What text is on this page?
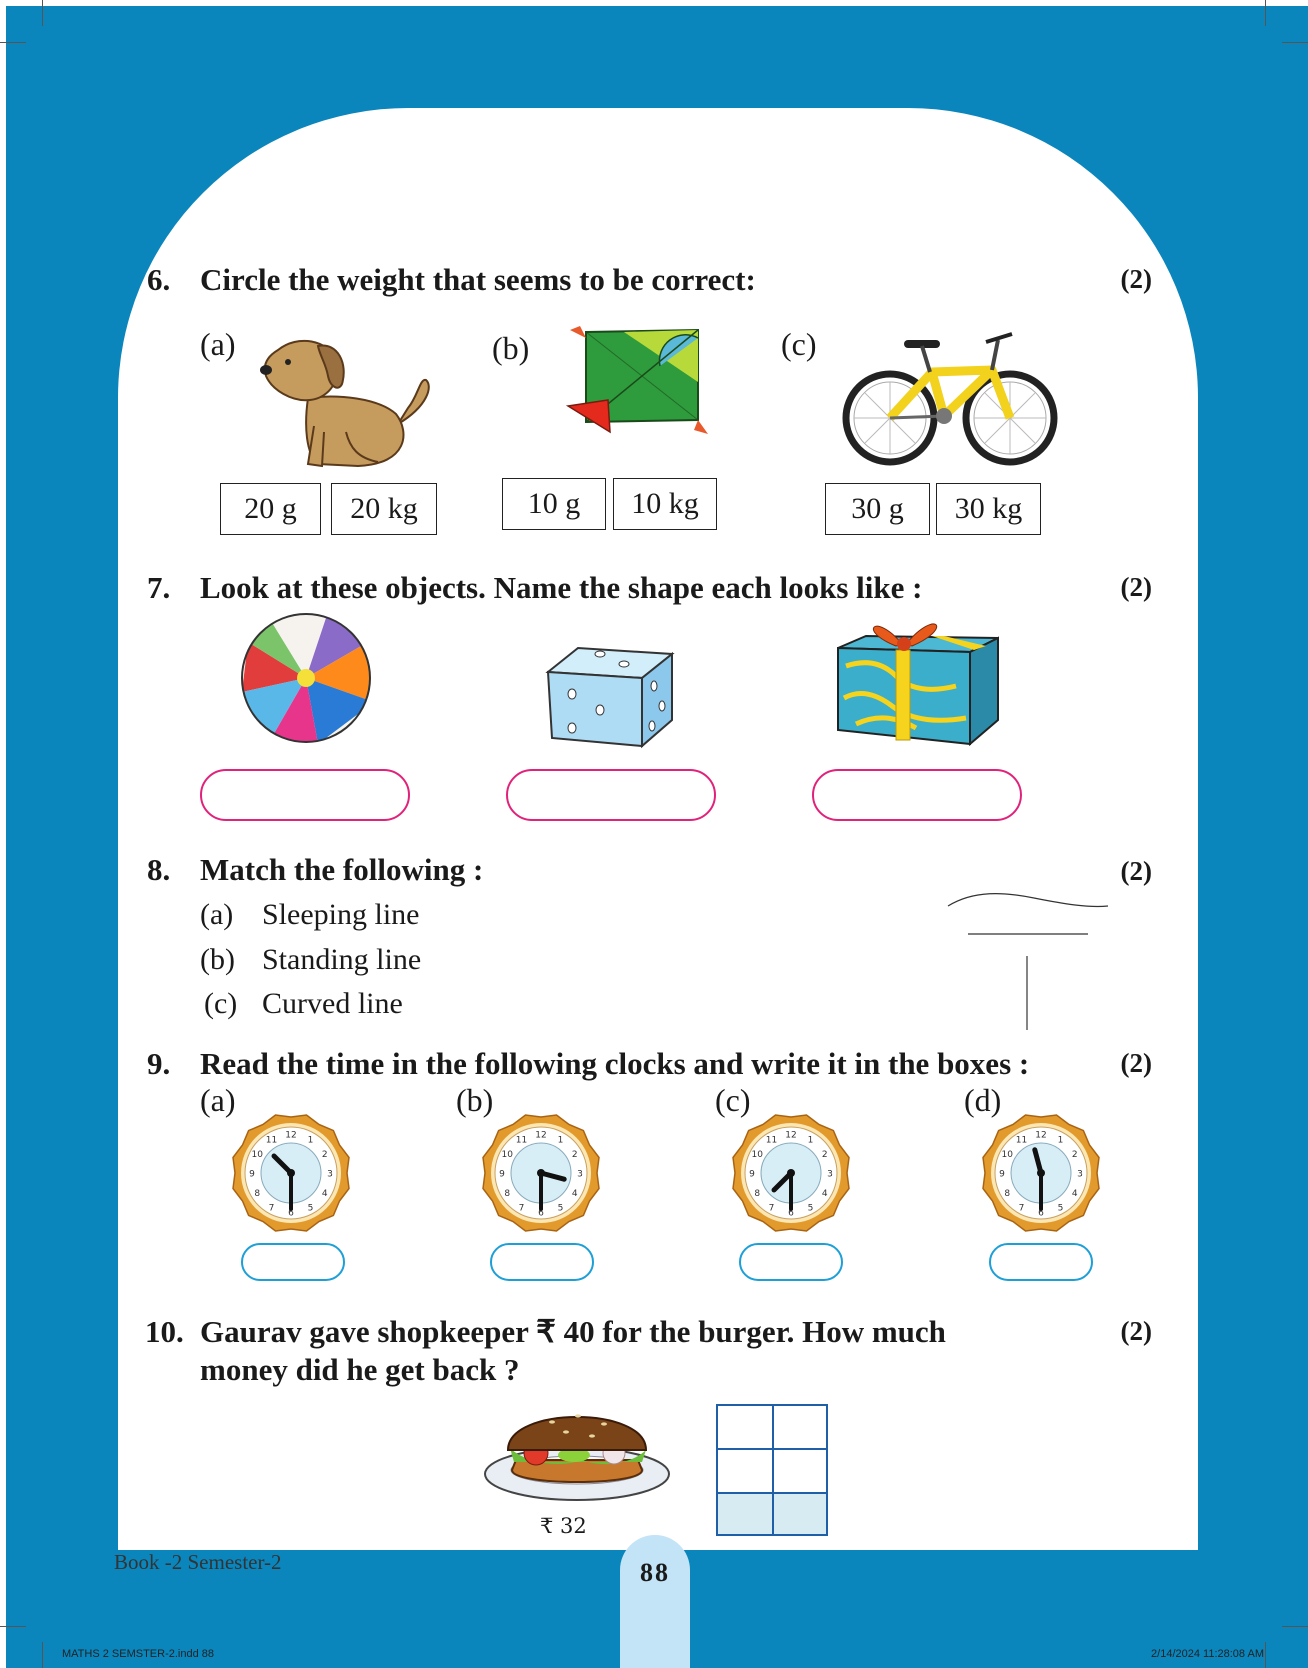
6. Circle the weight that seems to be correct:	(2)
(a)	(b)	(c)
20 g	20 kg	10 g	10 kg	30 g	30 kg
7. Look at these objects. Name the shape each looks like :	(2)
8. Match the following :	(2)
(a) Sleeping line
(b) Standing line
(c) Curved line
9. Read the time in the following clocks and write it in the boxes :	(2)
(a)	(b)	(c)	(d)
12
1
2
3
4
5
6
7
8
9
10
11
12
1
2
3
4
5
6
7
8
9
10
11
12
1
2
3
4
5
6
7
8
9
10
11
12
1
2
3
4
5
6
7
8
9
10
11
10. Gaurav gave shopkeeper ₹ 40 for the burger. How much
money did he get back ?
(2)
₹ 32
Book -2 Semester-2	88
MATHS 2 SEMSTER-2.indd 88	2/14/2024 11:28:08 AM
